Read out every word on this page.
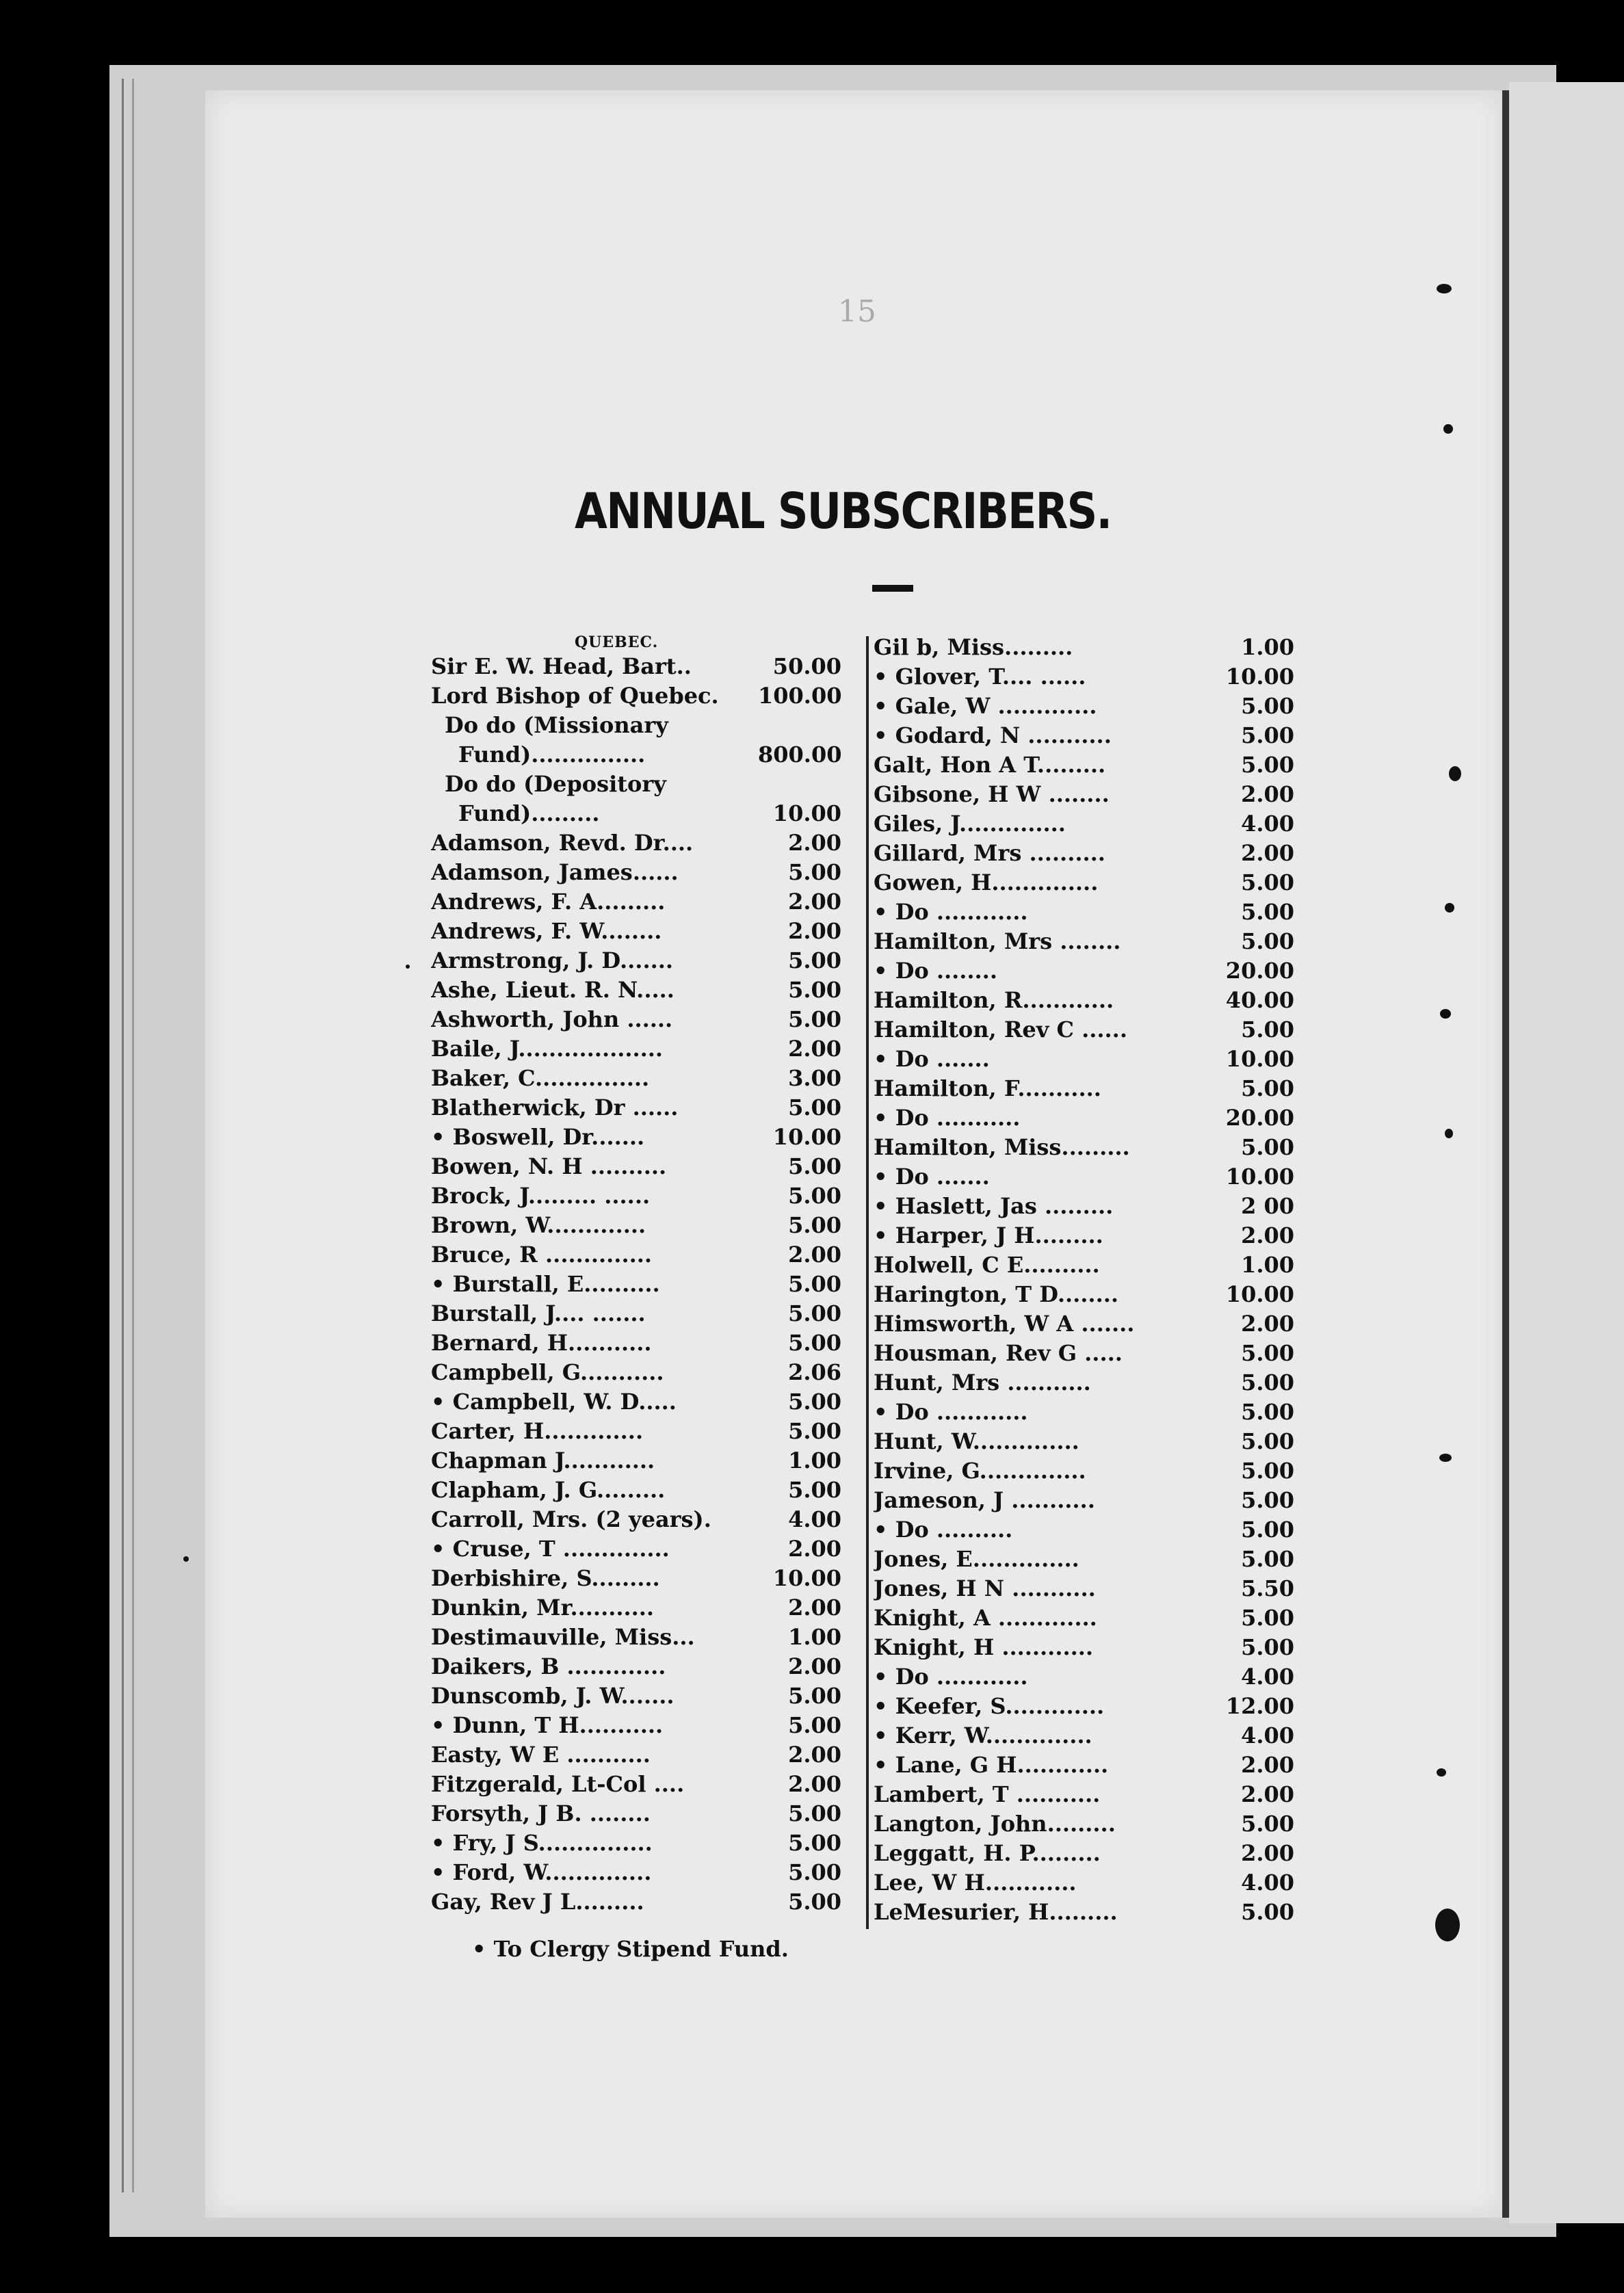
15
ANNUAL SUBSCRIBERS.
QUEBEC.
Sir E. W. Head, Bart..	50.00
Lord Bishop of Quebec.	100.00
Do do (Missionary
Fund)...............	800.00
Do do (Depository
Fund).........	10.00
Adamson, Revd. Dr....	2.00
Adamson, James......	5.00
Andrews, F. A.........	2.00
Andrews, F. W........	2.00
Armstrong, J. D.......	5.00
Ashe, Lieut. R. N.....	5.00
Ashworth, John ......	5.00
Baile, J...................	2.00
Baker, C...............	3.00
Blatherwick, Dr ......	5.00
• Boswell, Dr.......	10.00
Bowen, N. H ..........	5.00
Brock, J......... ......	5.00
Brown, W.............	5.00
Bruce, R ..............	2.00
• Burstall, E..........	5.00
Burstall, J.... .......	5.00
Bernard, H...........	5.00
Campbell, G...........	2.06
• Campbell, W. D.....	5.00
Carter, H.............	5.00
Chapman J............	1.00
Clapham, J. G.........	5.00
Carroll, Mrs. (2 years).	4.00
• Cruse, T ..............	2.00
Derbishire, S.........	10.00
Dunkin, Mr...........	2.00
Destimauville, Miss...	1.00
Daikers, B .............	2.00
Dunscomb, J. W.......	5.00
• Dunn, T H...........	5.00
Easty, W E ...........	2.00
Fitzgerald, Lt-Col ....	2.00
Forsyth, J B. ........	5.00
• Fry, J S...............	5.00
• Ford, W..............	5.00
Gay, Rev J L.........	5.00
Gil b, Miss.........	1.00
• Glover, T.... ......	10.00
• Gale, W .............	5.00
• Godard, N ...........	5.00
Galt, Hon A T.........	5.00
Gibsone, H W ........	2.00
Giles, J..............	4.00
Gillard, Mrs ..........	2.00
Gowen, H..............	5.00
• Do ............	5.00
Hamilton, Mrs ........	5.00
• Do ........	20.00
Hamilton, R............	40.00
Hamilton, Rev C ......	5.00
• Do .......	10.00
Hamilton, F...........	5.00
• Do ...........	20.00
Hamilton, Miss.........	5.00
• Do .......	10.00
• Haslett, Jas .........	2 00
• Harper, J H.........	2.00
Holwell, C E..........	1.00
Harington, T D........	10.00
Himsworth, W A .......	2.00
Housman, Rev G .....	5.00
Hunt, Mrs ...........	5.00
• Do ............	5.00
Hunt, W..............	5.00
Irvine, G..............	5.00
Jameson, J ...........	5.00
• Do ..........	5.00
Jones, E..............	5.00
Jones, H N ...........	5.50
Knight, A .............	5.00
Knight, H ............	5.00
• Do ............	4.00
• Keefer, S.............	12.00
• Kerr, W..............	4.00
• Lane, G H............	2.00
Lambert, T ...........	2.00
Langton, John.........	5.00
Leggatt, H. P.........	2.00
Lee, W H............	4.00
LeMesurier, H.........	5.00
• To Clergy Stipend Fund.
